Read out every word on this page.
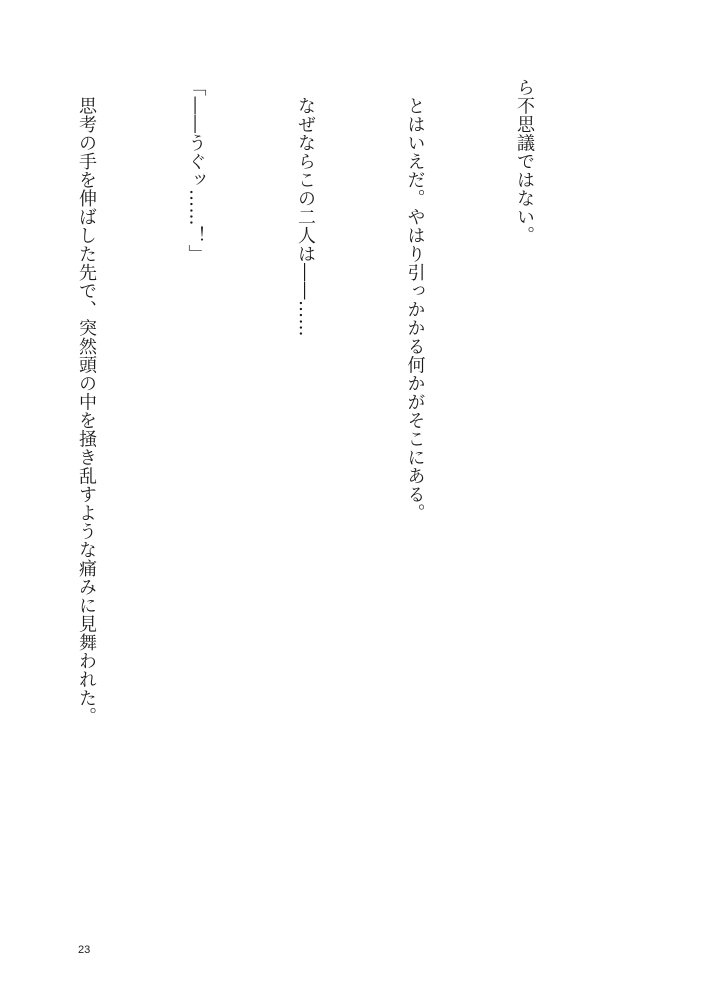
ら不思議ではない。

　とはいえだ。やはり引っかかる何かがそこにある。

　なぜならこの二人は――……

「――うぐッ……！」

　思考の手を伸ばした先で、突然頭の中を掻き乱すような痛みに見舞われた。

23
